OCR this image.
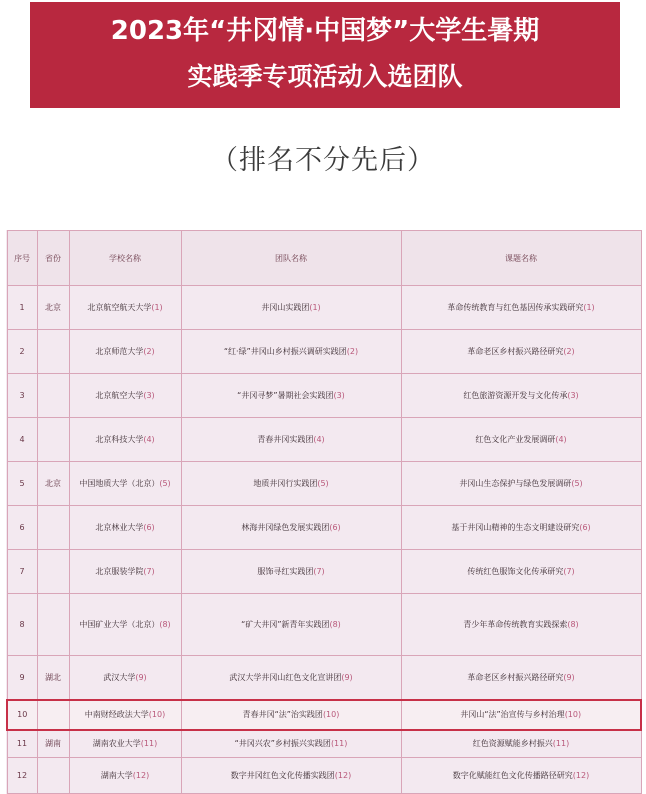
2023年“井冈情·中国梦”大学生暑期
实践季专项活动入选团队
（排名不分先后）
序号	省份	学校名称	团队名称	课题名称
1	北京	北京航空航天大学(1)	井冈山实践团(1)	革命传统教育与红色基因传承实践研究(1)
2		北京师范大学(2)	“红·绿”井冈山乡村振兴调研实践团(2)	革命老区乡村振兴路径研究(2)
3		北京航空大学(3)	“井冈寻梦”暑期社会实践团(3)	红色旅游资源开发与文化传承(3)
4		北京科技大学(4)	青春井冈实践团(4)	红色文化产业发展调研(4)
5	北京	中国地质大学（北京）(5)	地质井冈行实践团(5)	井冈山生态保护与绿色发展调研(5)
6		北京林业大学(6)	林海井冈绿色发展实践团(6)	基于井冈山精神的生态文明建设研究(6)
7		北京服装学院(7)	服饰寻红实践团(7)	传统红色服饰文化传承研究(7)
8		中国矿业大学（北京）(8)	“矿大井冈”新青年实践团(8)	青少年革命传统教育实践探索(8)
9	湖北	武汉大学(9)	武汉大学井冈山红色文化宣讲团(9)	革命老区乡村振兴路径研究(9)
10		中南财经政法大学(10)	青春井冈“法”治实践团(10)	井冈山“法”治宣传与乡村治理(10)
11	湖南	湖南农业大学(11)	“井冈兴农”乡村振兴实践团(11)	红色资源赋能乡村振兴(11)
12		湖南大学(12)	数字井冈红色文化传播实践团(12)	数字化赋能红色文化传播路径研究(12)
